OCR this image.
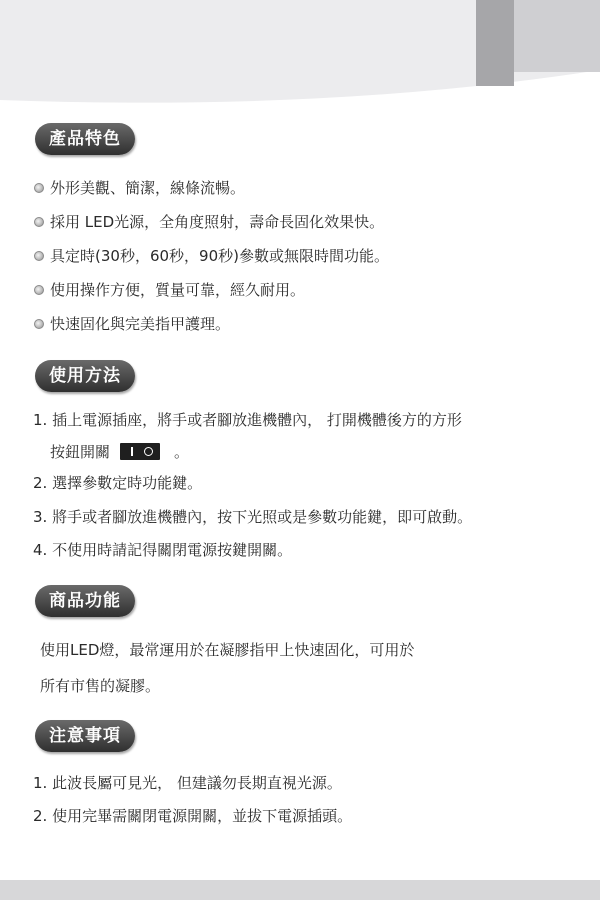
產品特色
外形美觀、簡潔，線條流暢。
採用 LED光源，全角度照射，壽命長固化效果快。
具定時(30秒，60秒，90秒)參數或無限時間功能。
使用操作方便，質量可靠，經久耐用。
快速固化與完美指甲護理。
使用方法
1. 插上電源插座，將手或者腳放進機體內， 打開機體後方的方形
按鈕開關	。
2. 選擇參數定時功能鍵。
3. 將手或者腳放進機體內，按下光照或是參數功能鍵，即可啟動。
4. 不使用時請記得關閉電源按鍵開關。
商品功能
使用LED燈，最常運用於在凝膠指甲上快速固化，可用於
所有市售的凝膠。
注意事項
1. 此波長屬可見光， 但建議勿長期直視光源。
2. 使用完畢需關閉電源開關，並拔下電源插頭。
